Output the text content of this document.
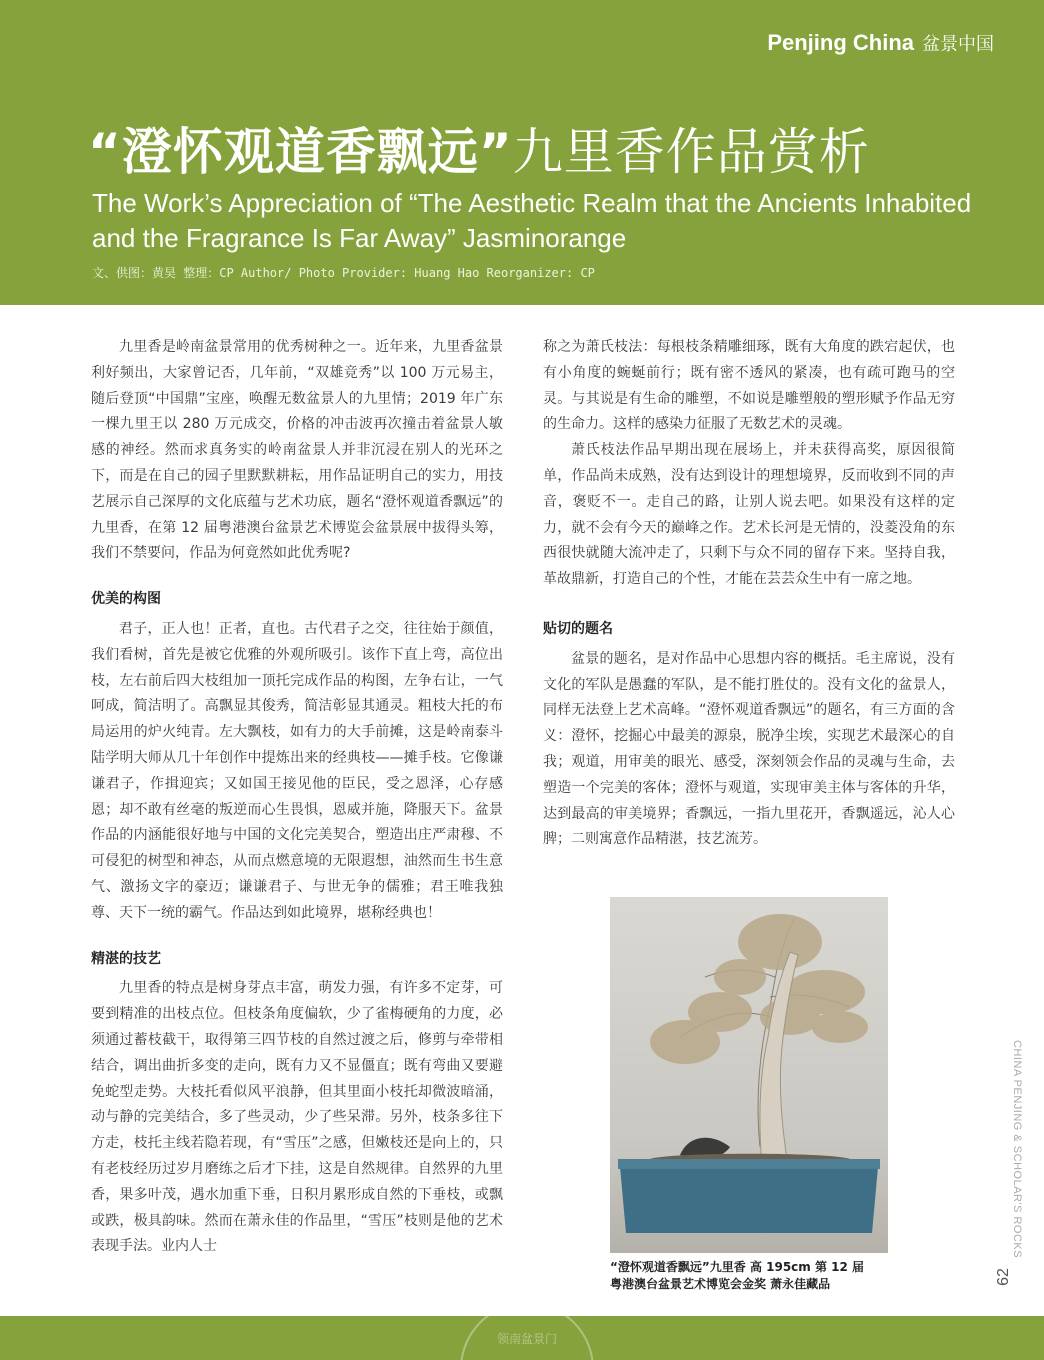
Penjing China 盆景中国
“澄怀观道香飘远”九里香作品赏析
The Work’s Appreciation of “The Aesthetic Realm that the Ancients Inhabited and the Fragrance Is Far Away” Jasminorange
文、供图：黄昊 整理：CP Author/ Photo Provider: Huang Hao Reorganizer: CP

九里香是岭南盆景常用的优秀树种之一。近年来，九里香盆景利好频出，大家曾记否，几年前，“双雄竞秀”以 100 万元易主，随后登顶“中国鼎”宝座，唤醒无数盆景人的九里情；2019 年广东一棵九里王以 280 万元成交，价格的冲击波再次撞击着盆景人敏感的神经。然而求真务实的岭南盆景人并非沉浸在别人的光环之下，而是在自己的园子里默默耕耘，用作品证明自己的实力，用技艺展示自己深厚的文化底蕴与艺术功底，题名“澄怀观道香飘远”的九里香，在第 12 届粤港澳台盆景艺术博览会盆景展中拔得头筹，我们不禁要问，作品为何竟然如此优秀呢?

优美的构图

君子，正人也！正者，直也。古代君子之交，往往始于颜值，我们看树，首先是被它优雅的外观所吸引。该作下直上弯，高位出枝，左右前后四大枝组加一顶托完成作品的构图，左争右让，一气呵成，简洁明了。高飘显其俊秀，简洁彰显其通灵。粗枝大托的布局运用的炉火纯青。左大飘枝，如有力的大手前摊，这是岭南泰斗陆学明大师从几十年创作中提炼出来的经典枝——摊手枝。它像谦谦君子，作揖迎宾；又如国王接见他的臣民，受之恩泽，心存感恩；却不敢有丝毫的叛逆而心生畏惧，恩威并施，降服天下。盆景作品的内涵能很好地与中国的文化完美契合，塑造出庄严肃穆、不可侵犯的树型和神态，从而点燃意境的无限遐想，油然而生书生意气、激扬文字的豪迈；谦谦君子、与世无争的儒雅；君王唯我独尊、天下一统的霸气。作品达到如此境界，堪称经典也！

精湛的技艺

九里香的特点是树身芽点丰富，萌发力强，有许多不定芽，可要到精准的出枝点位。但枝条角度偏软，少了雀梅硬角的力度，必须通过蓄枝截干，取得第三四节枝的自然过渡之后，修剪与牵带相结合，调出曲折多变的走向，既有力又不显僵直；既有弯曲又要避免蛇型走势。大枝托看似风平浪静，但其里面小枝托却微波暗涌，动与静的完美结合，多了些灵动，少了些呆滞。另外，枝条多往下方走，枝托主线若隐若现，有“雪压”之感，但嫩枝还是向上的，只有老枝经历过岁月磨练之后才下挂，这是自然规律。自然界的九里香，果多叶茂，遇水加重下垂，日积月累形成自然的下垂枝，或飘或跌，极具韵味。然而在萧永佳的作品里，“雪压”枝则是他的艺术表现手法。业内人士

称之为萧氏枝法：每根枝条精雕细琢，既有大角度的跌宕起伏，也有小角度的蜿蜒前行；既有密不透风的紧凑，也有疏可跑马的空灵。与其说是有生命的雕塑，不如说是雕塑般的塑形赋予作品无穷的生命力。这样的感染力征服了无数艺术的灵魂。

萧氏枝法作品早期出现在展场上，并未获得高奖，原因很简单，作品尚未成熟，没有达到设计的理想境界，反而收到不同的声音，褒贬不一。走自己的路，让别人说去吧。如果没有这样的定力，就不会有今天的巅峰之作。艺术长河是无情的，没菱没角的东西很快就随大流冲走了，只剩下与众不同的留存下来。坚持自我，革故鼎新，打造自己的个性，才能在芸芸众生中有一席之地。

贴切的题名

盆景的题名，是对作品中心思想内容的概括。毛主席说，没有文化的军队是愚蠢的军队，是不能打胜仗的。没有文化的盆景人，同样无法登上艺术高峰。“澄怀观道香飘远”的题名，有三方面的含义：澄怀，挖掘心中最美的源泉，脱净尘埃，实现艺术最深心的自我；观道，用审美的眼光、感受，深刻领会作品的灵魂与生命，去塑造一个完美的客体；澄怀与观道，实现审美主体与客体的升华，达到最高的审美境界；香飘远，一指九里花开，香飘遥远，沁人心脾；二则寓意作品精湛，技艺流芳。

“澄怀观道香飘远”九里香 高 195cm 第 12 届
粤港澳台盆景艺术博览会金奖 萧永佳藏品
CHINA PENJING & SCHOLAR'S ROCKS
62
领南盆景门
